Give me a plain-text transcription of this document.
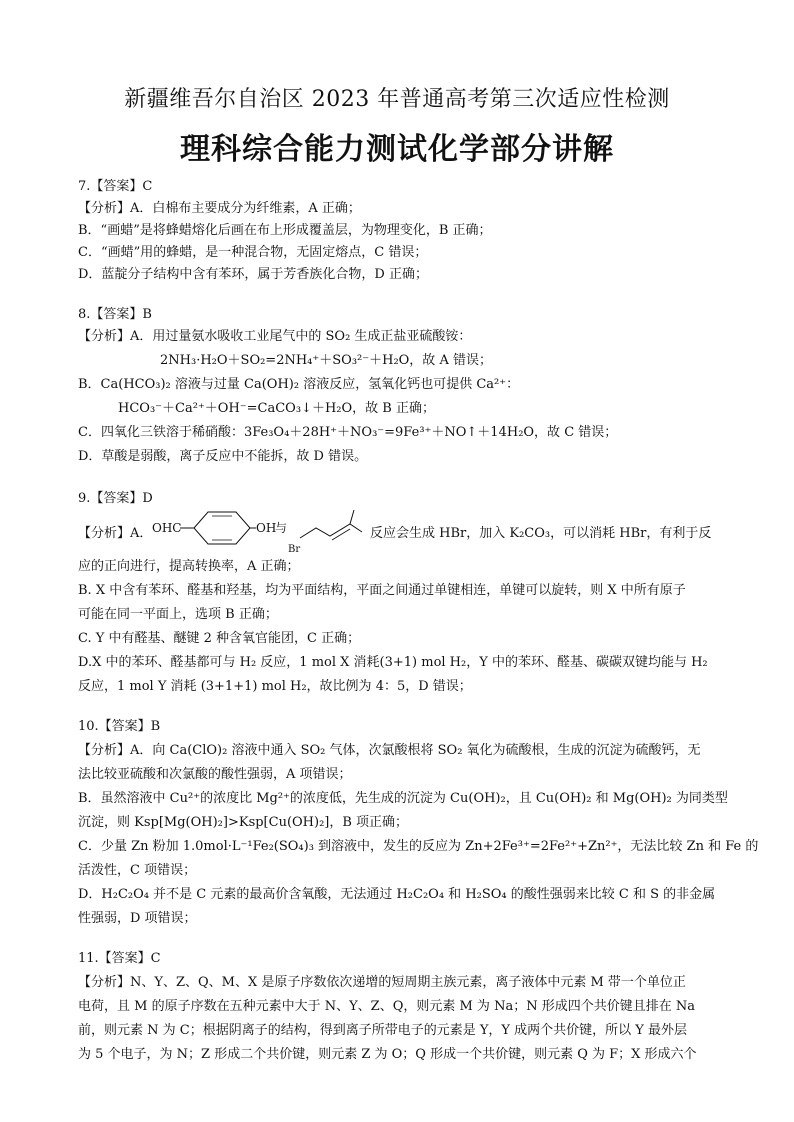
新疆维吾尔自治区 2023 年普通高考第三次适应性检测
理科综合能力测试化学部分讲解
7.【答案】C
【分析】A．白棉布主要成分为纤维素，A 正确；
B．“画蜡”是将蜂蜡熔化后画在布上形成覆盖层，为物理变化，B 正确；
C．“画蜡”用的蜂蜡，是一种混合物，无固定熔点，C 错误；
D．蓝靛分子结构中含有苯环，属于芳香族化合物，D 正确；
8.【答案】B
【分析】A．用过量氨水吸收工业尾气中的 SO₂ 生成正盐亚硫酸铵：
2NH₃·H₂O＋SO₂=2NH₄⁺＋SO₃²⁻＋H₂O，故 A 错误；
B．Ca(HCO₃)₂ 溶液与过量 Ca(OH)₂ 溶液反应，氢氧化钙也可提供 Ca²⁺：
HCO₃⁻＋Ca²⁺＋OH⁻=CaCO₃↓＋H₂O，故 B 正确；
C．四氧化三铁溶于稀硝酸：3Fe₃O₄＋28H⁺＋NO₃⁻=9Fe³⁺＋NO↑＋14H₂O，故 C 错误；
D．草酸是弱酸，离子反应中不能拆，故 D 错误。
9.【答案】D
【分析】A． OHC	OH
与
Br
反应会生成 HBr，加入 K₂CO₃，可以消耗 HBr，有利于反
应的正向进行，提高转换率，A 正确；
B. X 中含有苯环、醛基和羟基，均为平面结构，平面之间通过单键相连，单键可以旋转，则 X 中所有原子
可能在同一平面上，选项 B 正确；
C. Y 中有醛基、醚键 2 种含氧官能团，C 正确；
D.X 中的苯环、醛基都可与 H₂ 反应，1 mol X 消耗(3+1) mol H₂，Y 中的苯环、醛基、碳碳双键均能与 H₂
反应，1 mol Y 消耗 (3+1+1) mol H₂，故比例为 4：5，D 错误；
10.【答案】B
【分析】A．向 Ca(ClO)₂ 溶液中通入 SO₂ 气体，次氯酸根将 SO₂ 氧化为硫酸根，生成的沉淀为硫酸钙，无
法比较亚硫酸和次氯酸的酸性强弱，A 项错误；
B．虽然溶液中 Cu²⁺的浓度比 Mg²⁺的浓度低，先生成的沉淀为 Cu(OH)₂，且 Cu(OH)₂ 和 Mg(OH)₂ 为同类型
沉淀，则 Ksp[Mg(OH)₂]>Ksp[Cu(OH)₂]，B 项正确；
C．少量 Zn 粉加 1.0mol·L⁻¹Fe₂(SO₄)₃ 到溶液中，发生的反应为 Zn+2Fe³⁺=2Fe²⁺+Zn²⁺，无法比较 Zn 和 Fe 的
活泼性，C 项错误；
D．H₂C₂O₄ 并不是 C 元素的最高价含氧酸，无法通过 H₂C₂O₄ 和 H₂SO₄ 的酸性强弱来比较 C 和 S 的非金属
性强弱，D 项错误；
11.【答案】C
【分析】N、Y、Z、Q、M、X 是原子序数依次递增的短周期主族元素，离子液体中元素 M 带一个单位正
电荷，且 M 的原子序数在五种元素中大于 N、Y、Z、Q，则元素 M 为 Na；N 形成四个共价键且排在 Na
前，则元素 N 为 C；根据阴离子的结构，得到离子所带电子的元素是 Y，Y 成两个共价键，所以 Y 最外层
为 5 个电子，为 N；Z 形成二个共价键，则元素 Z 为 O；Q 形成一个共价键，则元素 Q 为 F；X 形成六个
